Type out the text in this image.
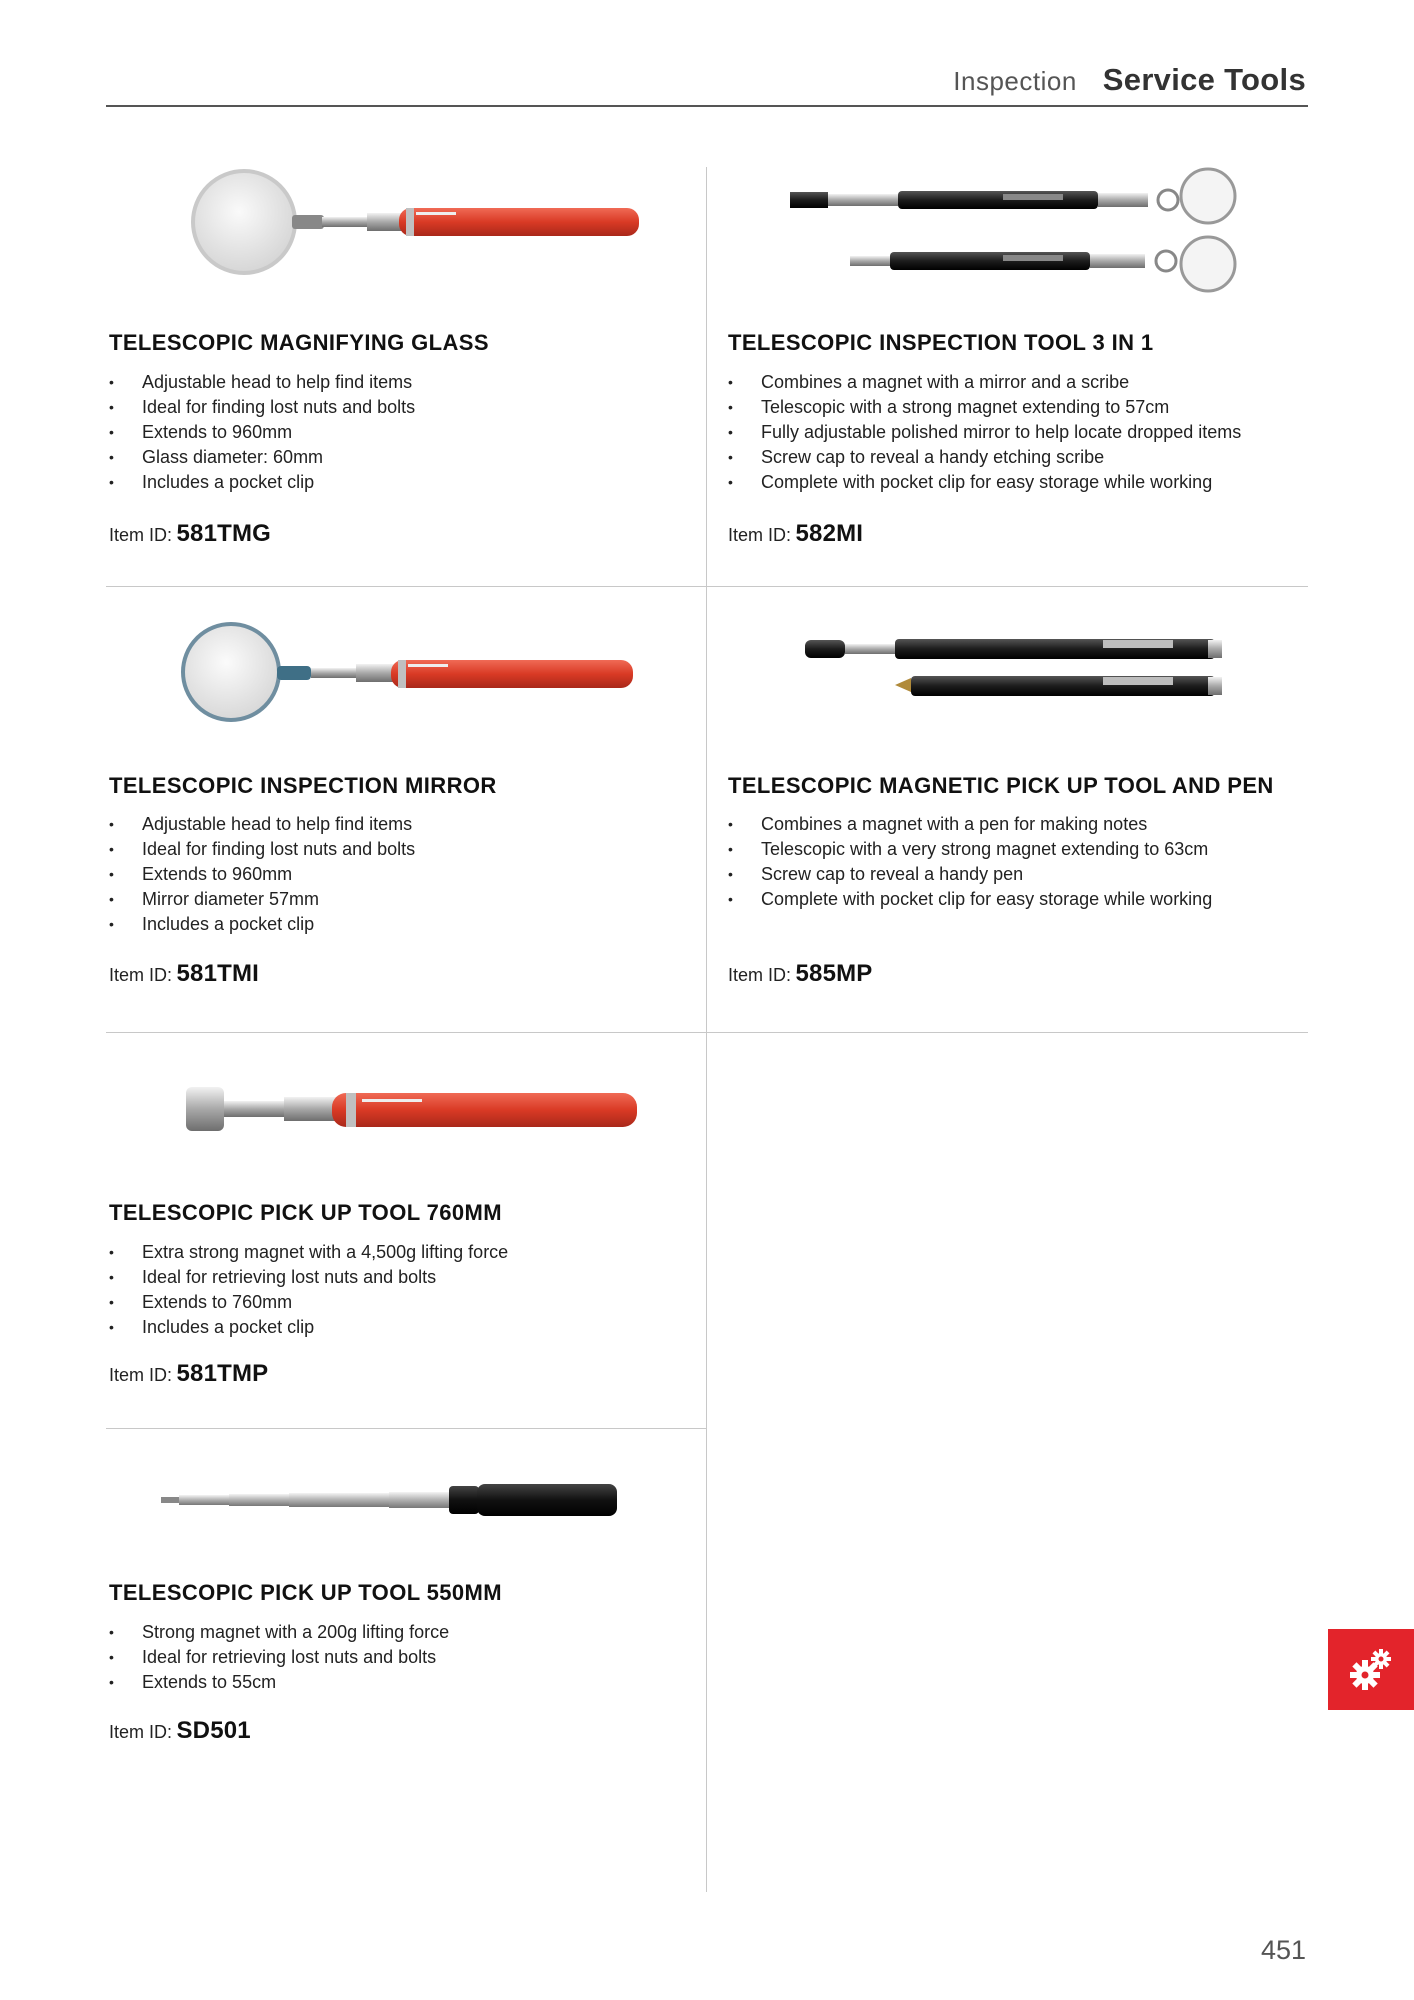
Inspection Service Tools
TELESCOPIC MAGNIFYING GLASS
• Adjustable head to help find items
• Ideal for finding lost nuts and bolts
• Extends to 960mm
• Glass diameter: 60mm
• Includes a pocket clip
Item ID: 581TMG
TELESCOPIC INSPECTION TOOL 3 IN 1
• Combines a magnet with a mirror and a scribe
• Telescopic with a strong magnet extending to 57cm
• Fully adjustable polished mirror to help locate dropped items
• Screw cap to reveal a handy etching scribe
• Complete with pocket clip for easy storage while working
Item ID: 582MI
TELESCOPIC INSPECTION MIRROR
• Adjustable head to help find items
• Ideal for finding lost nuts and bolts
• Extends to 960mm
• Mirror diameter 57mm
• Includes a pocket clip
Item ID: 581TMI
TELESCOPIC MAGNETIC PICK UP TOOL AND PEN
• Combines a magnet with a pen for making notes
• Telescopic with a very strong magnet extending to 63cm
• Screw cap to reveal a handy pen
• Complete with pocket clip for easy storage while working
Item ID: 585MP
TELESCOPIC PICK UP TOOL 760MM
• Extra strong magnet with a 4,500g lifting force
• Ideal for retrieving lost nuts and bolts
• Extends to 760mm
• Includes a pocket clip
Item ID: 581TMP
TELESCOPIC PICK UP TOOL 550MM
• Strong magnet with a 200g lifting force
• Ideal for retrieving lost nuts and bolts
• Extends to 55cm
Item ID: SD501
451
